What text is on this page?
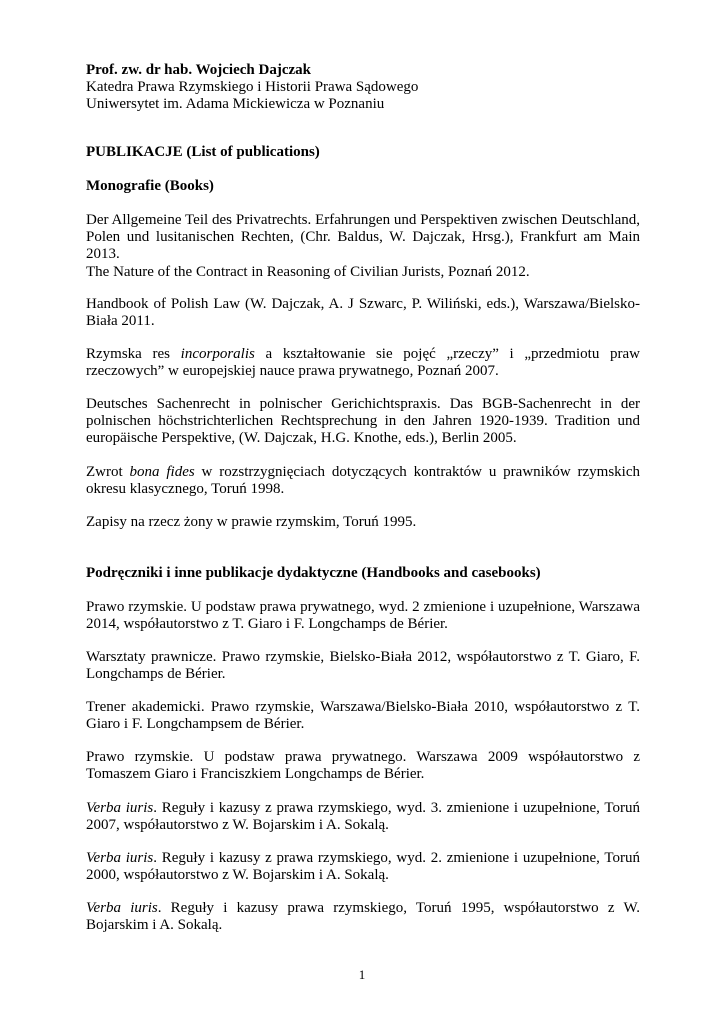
Prof. zw. dr hab. Wojciech Dajczak
Katedra Prawa Rzymskiego i Historii Prawa Sądowego
Uniwersytet im. Adama Mickiewicza w Poznaniu
PUBLIKACJE (List of publications)
Monografie (Books)

Der Allgemeine Teil des Privatrechts. Erfahrungen und Perspektiven zwischen Deutschland, Polen und lusitanischen Rechten, (Chr. Baldus, W. Dajczak, Hrsg.), Frankfurt am Main 2013.

The Nature of the Contract in Reasoning of Civilian Jurists, Poznań 2012.

Handbook of Polish Law (W. Dajczak, A. J Szwarc, P. Wiliński, eds.), Warszawa/Bielsko-Biała 2011.

Rzymska res incorporalis a kształtowanie sie pojęć „rzeczy” i „przedmiotu praw rzeczowych” w europejskiej nauce prawa prywatnego, Poznań 2007.

Deutsches Sachenrecht in polnischer Gerichichtspraxis. Das BGB-Sachenrecht in der polnischen höchstrichterlichen Rechtsprechung in den Jahren 1920-1939. Tradition und europäische Perspektive, (W. Dajczak, H.G. Knothe, eds.), Berlin 2005.

Zwrot bona fides w rozstrzygnięciach dotyczących kontraktów u prawników rzymskich okresu klasycznego, Toruń 1998.

Zapisy na rzecz żony w prawie rzymskim, Toruń 1995.

Podręczniki i inne publikacje dydaktyczne (Handbooks and casebooks)

Prawo rzymskie. U podstaw prawa prywatnego, wyd. 2 zmienione i uzupełnione, Warszawa 2014, współautorstwo z T. Giaro i F. Longchamps de Bérier.

Warsztaty prawnicze. Prawo rzymskie, Bielsko-Biała 2012, współautorstwo z T. Giaro, F. Longchamps de Bérier.

Trener akademicki. Prawo rzymskie, Warszawa/Bielsko-Biała 2010, współautorstwo z T. Giaro i F. Longchampsem de Bérier.

Prawo rzymskie. U podstaw prawa prywatnego. Warszawa 2009 współautorstwo z Tomaszem Giaro i Franciszkiem Longchamps de Bérier.

Verba iuris. Reguły i kazusy z prawa rzymskiego, wyd. 3. zmienione i uzupełnione, Toruń 2007, współautorstwo z W. Bojarskim i A. Sokalą.

Verba iuris. Reguły i kazusy z prawa rzymskiego, wyd. 2. zmienione i uzupełnione, Toruń 2000, współautorstwo z W. Bojarskim i A. Sokalą.

Verba iuris. Reguły i kazusy prawa rzymskiego, Toruń 1995, współautorstwo z W. Bojarskim i A. Sokalą.

1
